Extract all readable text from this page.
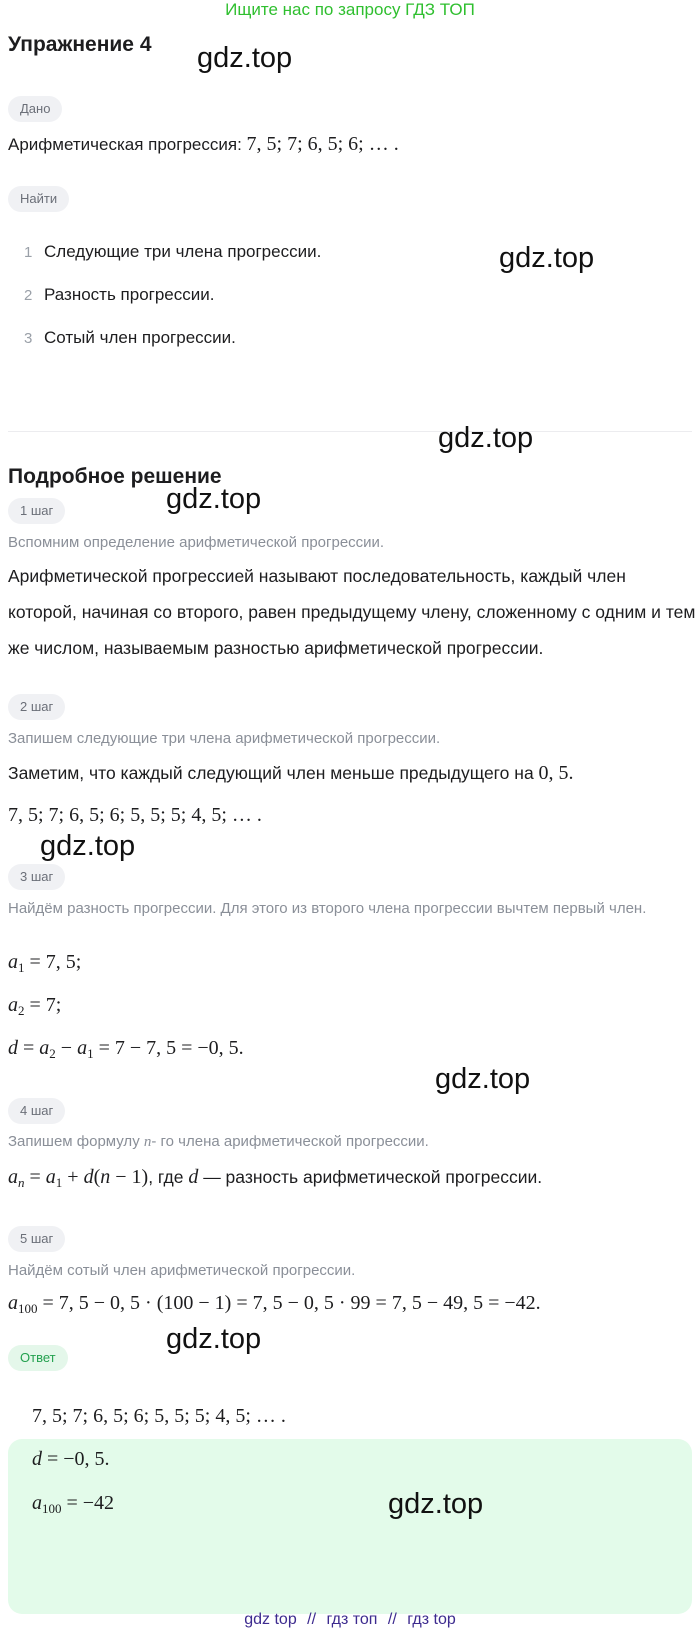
Ищите нас по запросу ГДЗ ТОП
Упражнение 4
Дано
Арифметическая прогрессия: 7, 5; 7; 6, 5; 6; … .
Найти
1 Следующие три члена прогрессии.
2 Разность прогрессии.
3 Сотый член прогрессии.
Подробное решение
1 шаг
Вспомним определение арифметической прогрессии.
Арифметической прогрессией называют последовательность, каждый член которой, начиная со второго, равен предыдущему члену, сложенному с одним и тем же числом, называемым разностью арифметической прогрессии.
2 шаг
Запишем следующие три члена арифметической прогрессии.
Заметим, что каждый следующий член меньше предыдущего на 0, 5.
7, 5; 7; 6, 5; 6; 5, 5; 5; 4, 5; … .
3 шаг
Найдём разность прогрессии. Для этого из второго члена прогрессии вычтем первый член.
$a_1 = 7$, 5;
$a_2 = 7$;
$d = a_2 - a_1 = 7 - 7$, 5 = −0, 5.
4 шаг
Запишем формулу n- го члена арифметической прогрессии.
$a_n = a_1 + d(n - 1)$, где d — разность арифметической прогрессии.
5 шаг
Найдём сотый член арифметической прогрессии.
$a_{100} = 7$, 5 − 0, 5 · (100 − 1) = 7, 5 − 0, 5 · 99 = 7, 5 − 49, 5 = −42.
Ответ
7, 5; 7; 6, 5; 6; 5, 5; 5; 4, 5; … .
d = −0, 5.
$a_{100} = -42$
gdz.top
gdz.top
gdz.top
gdz.top
gdz.top
gdz.top
gdz.top
gdz.top
gdz top // гдз топ // гдз top
